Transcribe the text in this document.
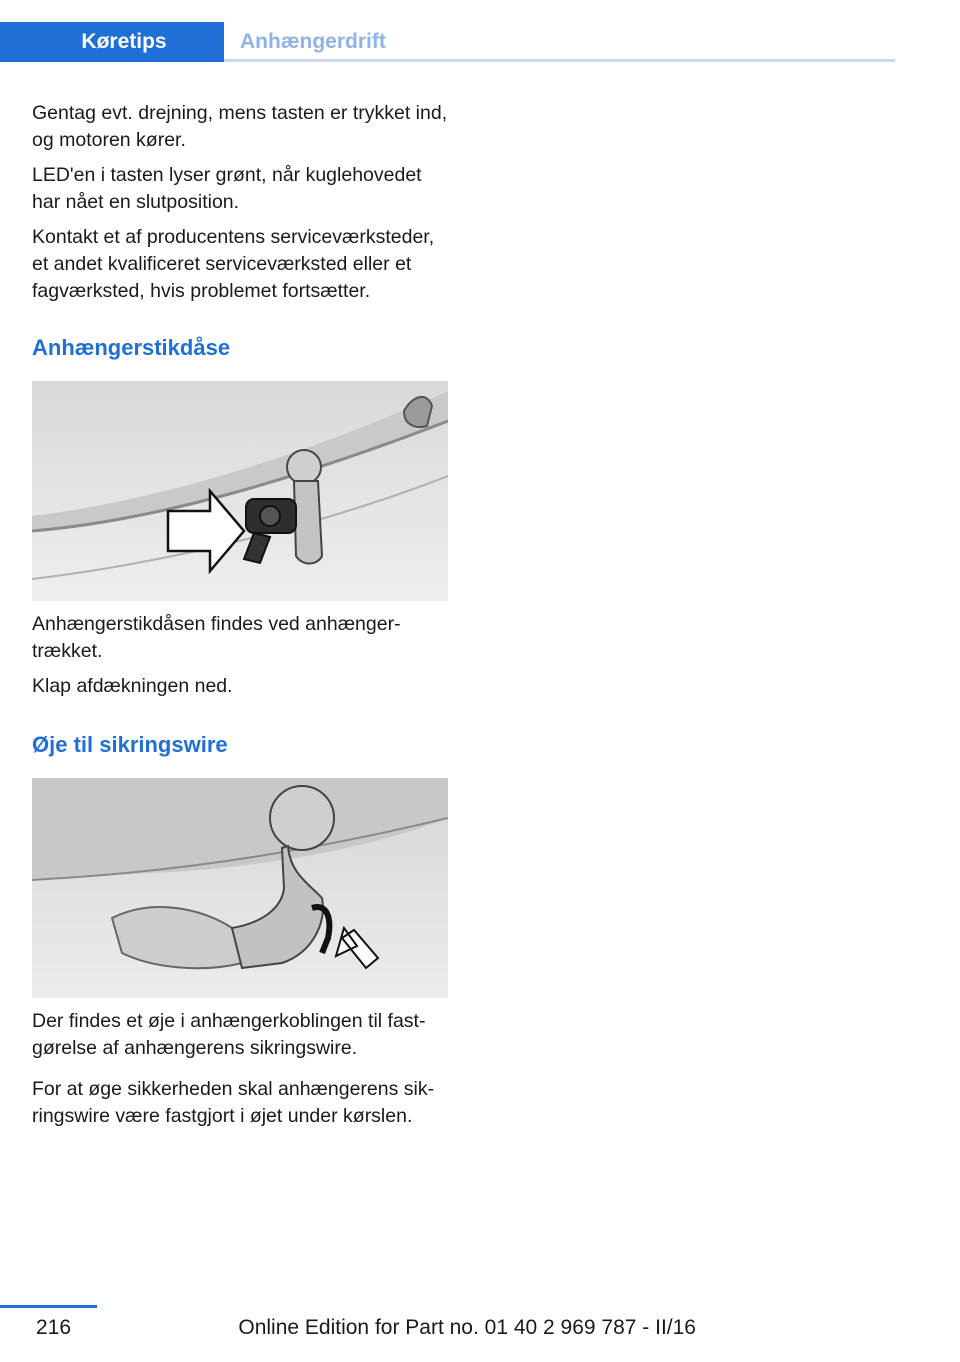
Køretips	Anhængerdrift

Gentag evt. drejning, mens tasten er trykket ind, og motoren kører.

LED'en i tasten lyser grønt, når kuglehovedet har nået en slutposition.

Kontakt et af producentens serviceværksteder, et andet kvalificeret serviceværksted eller et fagværksted, hvis problemet fortsætter.

Anhængerstikdåse

Anhængerstikdåsen findes ved anhænger-trækket.

Klap afdækningen ned.

Øje til sikringswire

Der findes et øje i anhængerkoblingen til fast-gørelse af anhængerens sikringswire.

For at øge sikkerheden skal anhængerens sik-ringswire være fastgjort i øjet under kørslen.

216	Online Edition for Part no. 01 40 2 969 787 - II/16
